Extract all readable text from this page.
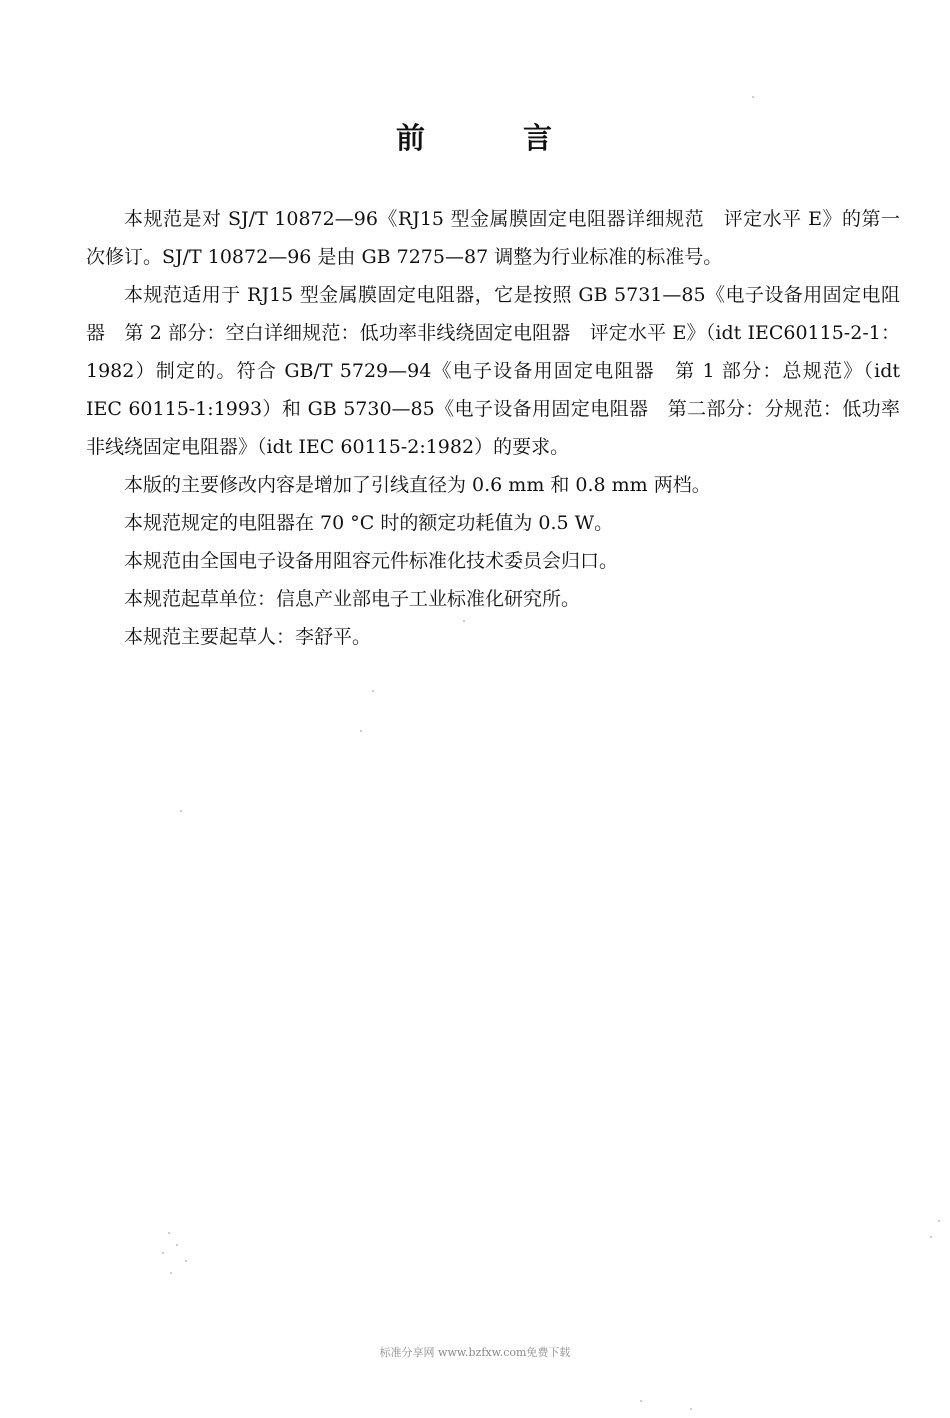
前	言

本规范是对 SJ/T 10872—96《RJ15 型金属膜固定电阻器详细规范　评定水平 E》的第一次修订。SJ/T 10872—96 是由 GB 7275—87 调整为行业标准的标准号。

本规范适用于 RJ15 型金属膜固定电阻器，它是按照 GB 5731—85《电子设备用固定电阻器　第 2 部分：空白详细规范：低功率非线绕固定电阻器　评定水平 E》（idt IEC60115-2-1：1982）制定的。符合 GB/T 5729—94《电子设备用固定电阻器　第 1 部分：总规范》（idt IEC 60115-1:1993）和 GB 5730—85《电子设备用固定电阻器　第二部分：分规范：低功率非线绕固定电阻器》（idt IEC 60115-2:1982）的要求。

本版的主要修改内容是增加了引线直径为 0.6 mm 和 0.8 mm 两档。

本规范规定的电阻器在 70 °C 时的额定功耗值为 0.5 W。

本规范由全国电子设备用阻容元件标准化技术委员会归口。

本规范起草单位：信息产业部电子工业标准化研究所。

本规范主要起草人：李舒平。

标准分享网 www.bzfxw.com免费下载
